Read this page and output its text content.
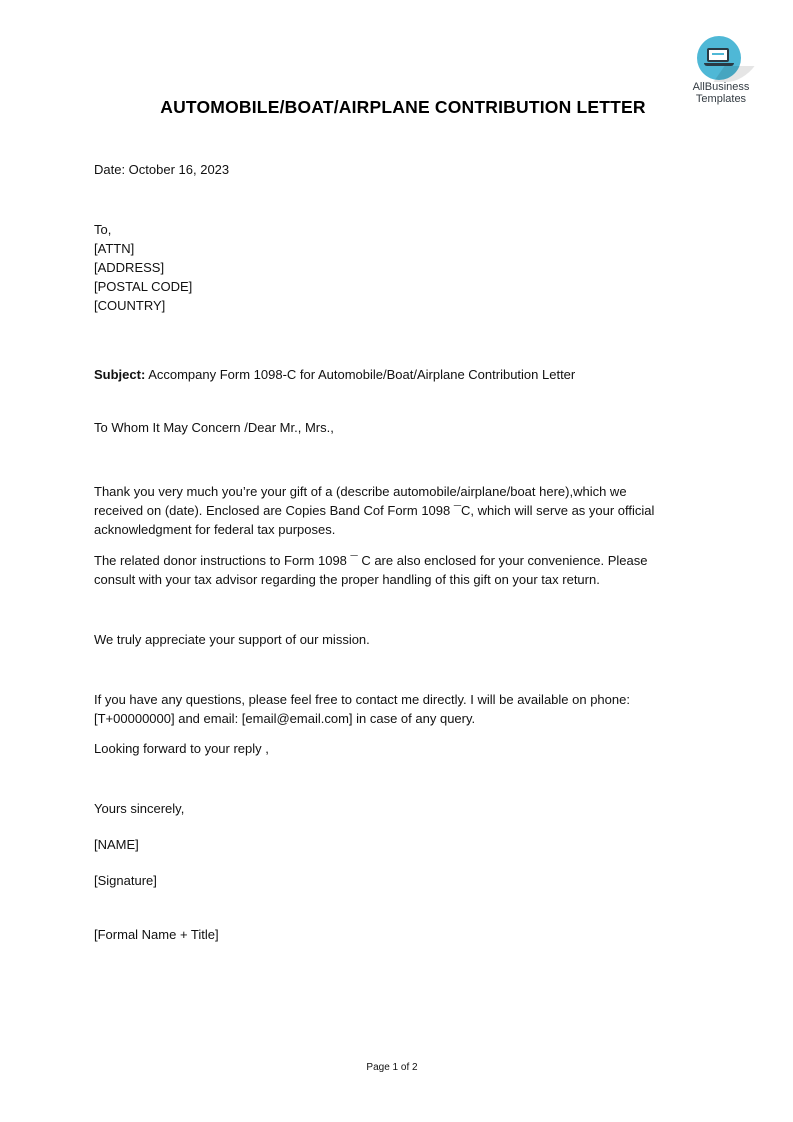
AllBusiness
Templates
AUTOMOBILE/BOAT/AIRPLANE CONTRIBUTION LETTER

Date: October 16, 2023

To,
[ATTN]
[ADDRESS]
[POSTAL CODE]
[COUNTRY]

Subject: Accompany Form 1098-C for Automobile/Boat/Airplane Contribution Letter

To Whom It May Concern /Dear Mr., Mrs.,

Thank you very much you’re your gift of a (describe automobile/airplane/boat here),which we received on (date). Enclosed are Copies Band Cof Form 1098 ¯C, which will serve as your official acknowledgment for federal tax purposes.

The related donor instructions to Form 1098 ¯ C are also enclosed for your convenience. Please consult with your tax advisor regarding the proper handling of this gift on your tax return.

We truly appreciate your support of our mission.

If you have any questions, please feel free to contact me directly. I will be available on phone: [T+00000000] and email: [email@email.com] in case of any query.

Looking forward to your reply ,

Yours sincerely,

[NAME]

[Signature]

[Formal Name + Title]

Page 1 of 2
